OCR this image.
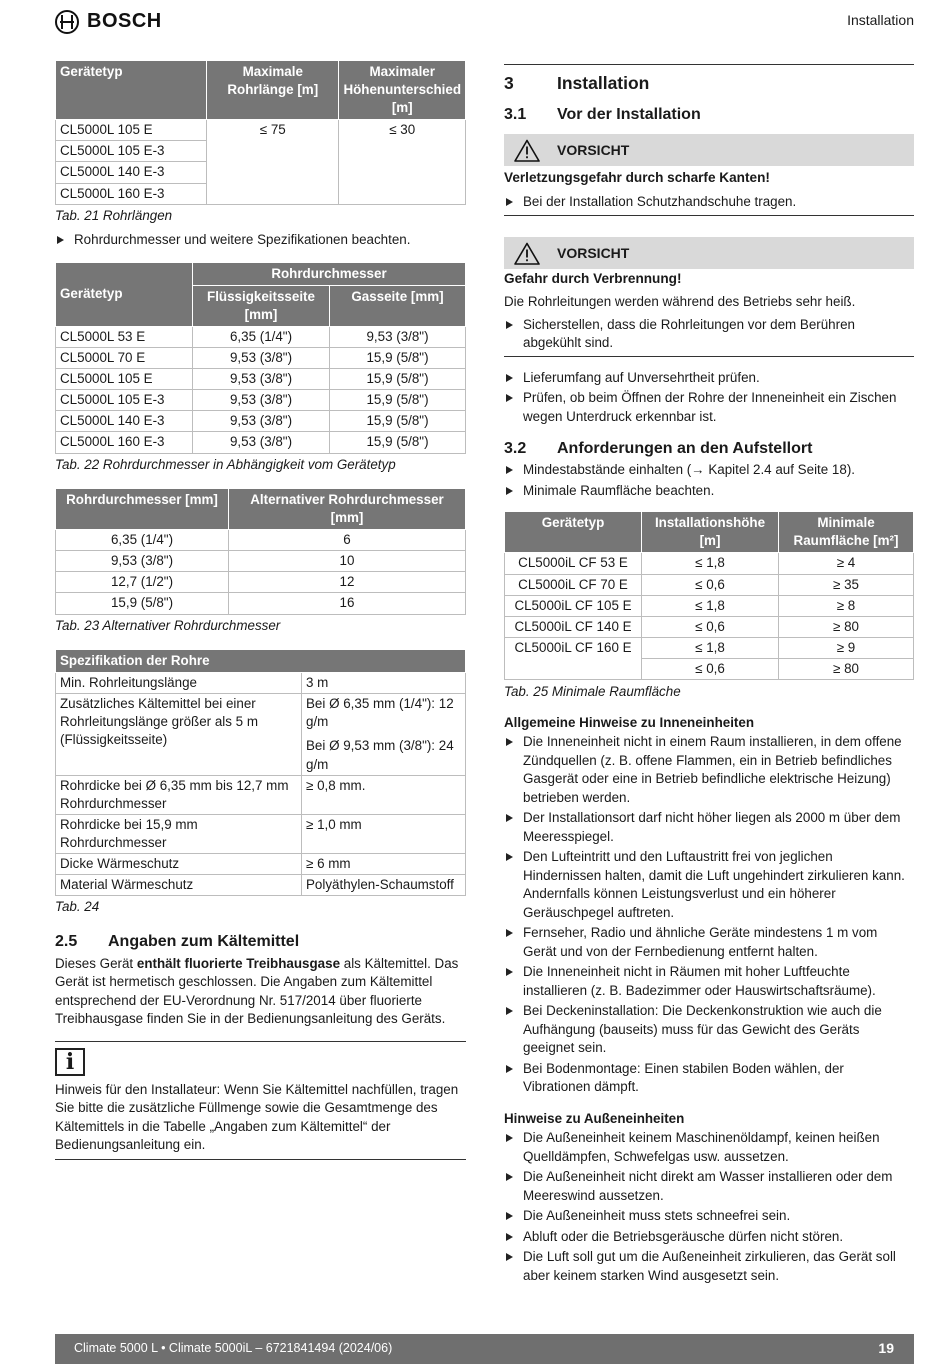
BOSCH	Installation
Gerätetyp	Maximale Rohrlänge [m]	Maximaler Höhenunterschied [m]
CL5000L 105 E	≤ 75	≤ 30
CL5000L 105 E-3		
CL5000L 140 E-3		
CL5000L 160 E-3		
Tab. 21 Rohrlängen
Rohrdurchmesser und weitere Spezifikationen beachten.
Gerätetyp	Rohrdurchmesser	
	Flüssigkeitsseite [mm]	Gasseite [mm]
CL5000L 53 E	6,35 (1/4")	9,53 (3/8")
CL5000L 70 E	9,53 (3/8")	15,9 (5/8")
CL5000L 105 E	9,53 (3/8")	15,9 (5/8")
CL5000L 105 E-3	9,53 (3/8")	15,9 (5/8")
CL5000L 140 E-3	9,53 (3/8")	15,9 (5/8")
CL5000L 160 E-3	9,53 (3/8")	15,9 (5/8")
Tab. 22 Rohrdurchmesser in Abhängigkeit vom Gerätetyp
Rohrdurchmesser [mm]	Alternativer Rohrdurchmesser [mm]
6,35 (1/4")	6
9,53 (3/8")	10
12,7 (1/2")	12
15,9 (5/8")	16
Tab. 23 Alternativer Rohrdurchmesser
Spezifikation der Rohre	
Min. Rohrleitungslänge	3 m
Zusätzliches Kältemittel bei einer Rohrleitungslänge größer als 5 m (Flüssigkeitsseite)	Bei Ø 6,35 mm (1/4"): 12 g/m
Bei Ø 9,53 mm (3/8"): 24 g/m

Rohrdicke bei Ø 6,35 mm bis 12,7 mm Rohrdurchmesser	≥ 0,8 mm.
Rohrdicke bei 15,9 mm Rohrdurchmesser	≥ 1,0 mm
Dicke Wärmeschutz	≥ 6 mm
Material Wärmeschutz	Polyäthylen-Schaumstoff
Tab. 24
2.5	Angaben zum Kältemittel

Dieses Gerät enthält fluorierte Treibhausgase als Kältemittel. Das Gerät ist hermetisch geschlossen. Die Angaben zum Kältemittel entsprechend der EU-Verordnung Nr. 517/2014 über fluorierte Treibhausgase finden Sie in der Bedienungsanleitung des Geräts.

i

Hinweis für den Installateur: Wenn Sie Kältemittel nachfüllen, tragen Sie bitte die zusätzliche Füllmenge sowie die Gesamtmenge des Kältemittels in die Tabelle „Angaben zum Kältemittel“ der Bedienungsanleitung ein.

3	Installation
3.1	Vor der Installation
VORSICHT
Verletzungsgefahr durch scharfe Kanten!
Bei der Installation Schutzhandschuhe tragen.
VORSICHT
Gefahr durch Verbrennung!
Die Rohrleitungen werden während des Betriebs sehr heiß.
Sicherstellen, dass die Rohrleitungen vor dem Berühren abgekühlt sind.
Lieferumfang auf Unversehrtheit prüfen.
Prüfen, ob beim Öffnen der Rohre der Inneneinheit ein Zischen wegen Unterdruck erkennbar ist.
3.2	Anforderungen an den Aufstellort
Mindestabstände einhalten (→ Kapitel 2.4 auf Seite 18).
Minimale Raumfläche beachten.
Gerätetyp	Installationshöhe [m]	Minimale Raumfläche [m²]
CL5000iL CF 53 E	≤ 1,8	≥ 4
CL5000iL CF 70 E	≤ 0,6	≥ 35
CL5000iL CF 105 E	≤ 1,8	≥ 8
CL5000iL CF 140 E	≤ 0,6	≥ 80
CL5000iL CF 160 E	≤ 1,8	≥ 9
	≤ 0,6	≥ 80
Tab. 25 Minimale Raumfläche
Allgemeine Hinweise zu Inneneinheiten
Die Inneneinheit nicht in einem Raum installieren, in dem offene Zündquellen (z. B. offene Flammen, ein in Betrieb befindliches Gasgerät oder eine in Betrieb befindliche elektrische Heizung) betrieben werden.
Der Installationsort darf nicht höher liegen als 2000 m über dem Meeresspiegel.
Den Lufteintritt und den Luftaustritt frei von jeglichen Hindernissen halten, damit die Luft ungehindert zirkulieren kann. Andernfalls können Leistungsverlust und ein höherer Geräuschpegel auftreten.
Fernseher, Radio und ähnliche Geräte mindestens 1 m vom Gerät und von der Fernbedienung entfernt halten.
Die Inneneinheit nicht in Räumen mit hoher Luftfeuchte installieren (z. B. Badezimmer oder Hauswirtschaftsräume).
Bei Deckeninstallation: Die Deckenkonstruktion wie auch die Aufhängung (bauseits) muss für das Gewicht des Geräts geeignet sein.
Bei Bodenmontage: Einen stabilen Boden wählen, der Vibrationen dämpft.
Hinweise zu Außeneinheiten
Die Außeneinheit keinem Maschinenöldampf, keinen heißen Quelldämpfen, Schwefelgas usw. aussetzen.
Die Außeneinheit nicht direkt am Wasser installieren oder dem Meereswind aussetzen.
Die Außeneinheit muss stets schneefrei sein.
Abluft oder die Betriebsgeräusche dürfen nicht stören.
Die Luft soll gut um die Außeneinheit zirkulieren, das Gerät soll aber keinem starken Wind ausgesetzt sein.
Climate 5000 L • Climate 5000iL – 6721841494 (2024/06)	19
